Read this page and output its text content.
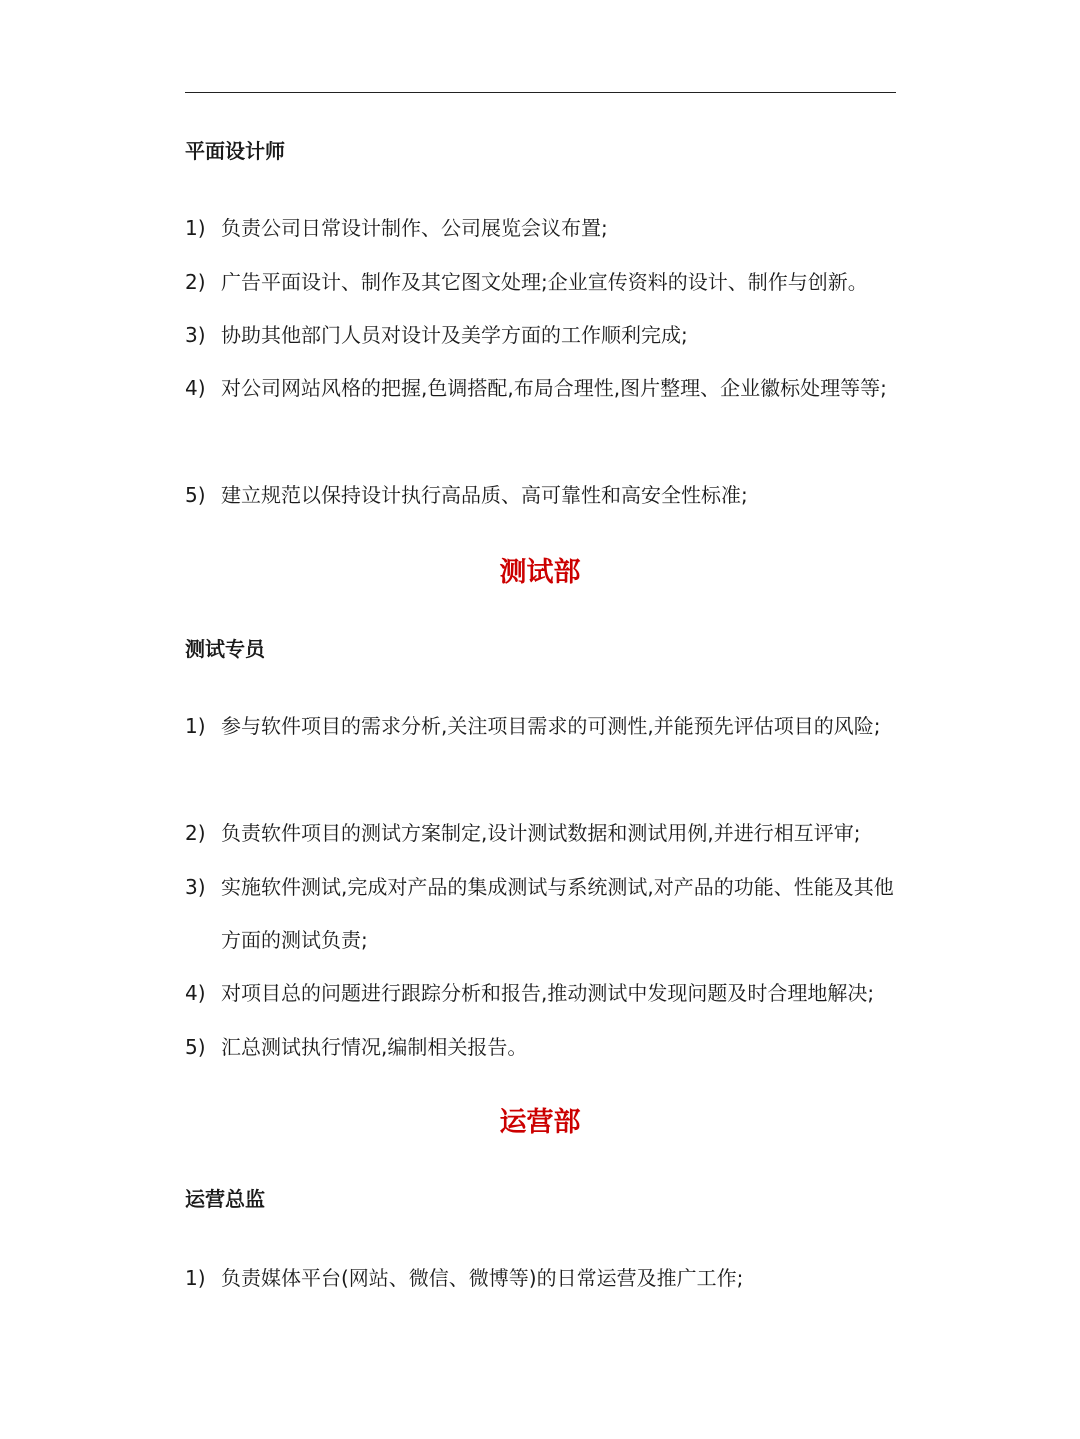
平面设计师
1) 负责公司日常设计制作、公司展览会议布置;
2) 广告平面设计、制作及其它图文处理;企业宣传资料的设计、制作与创新。
3) 协助其他部门人员对设计及美学方面的工作顺利完成;
4) 对公司网站风格的把握,色调搭配,布局合理性,图片整理、企业徽标处理等等;
5) 建立规范以保持设计执行高品质、高可靠性和高安全性标准;
测试部
测试专员
1) 参与软件项目的需求分析,关注项目需求的可测性,并能预先评估项目的风险;
2) 负责软件项目的测试方案制定,设计测试数据和测试用例,并进行相互评审;
3) 实施软件测试,完成对产品的集成测试与系统测试,对产品的功能、性能及其他方面的测试负责;
4) 对项目总的问题进行跟踪分析和报告,推动测试中发现问题及时合理地解决;
5) 汇总测试执行情况,编制相关报告。
运营部
运营总监
1) 负责媒体平台(网站、微信、微博等)的日常运营及推广工作;
